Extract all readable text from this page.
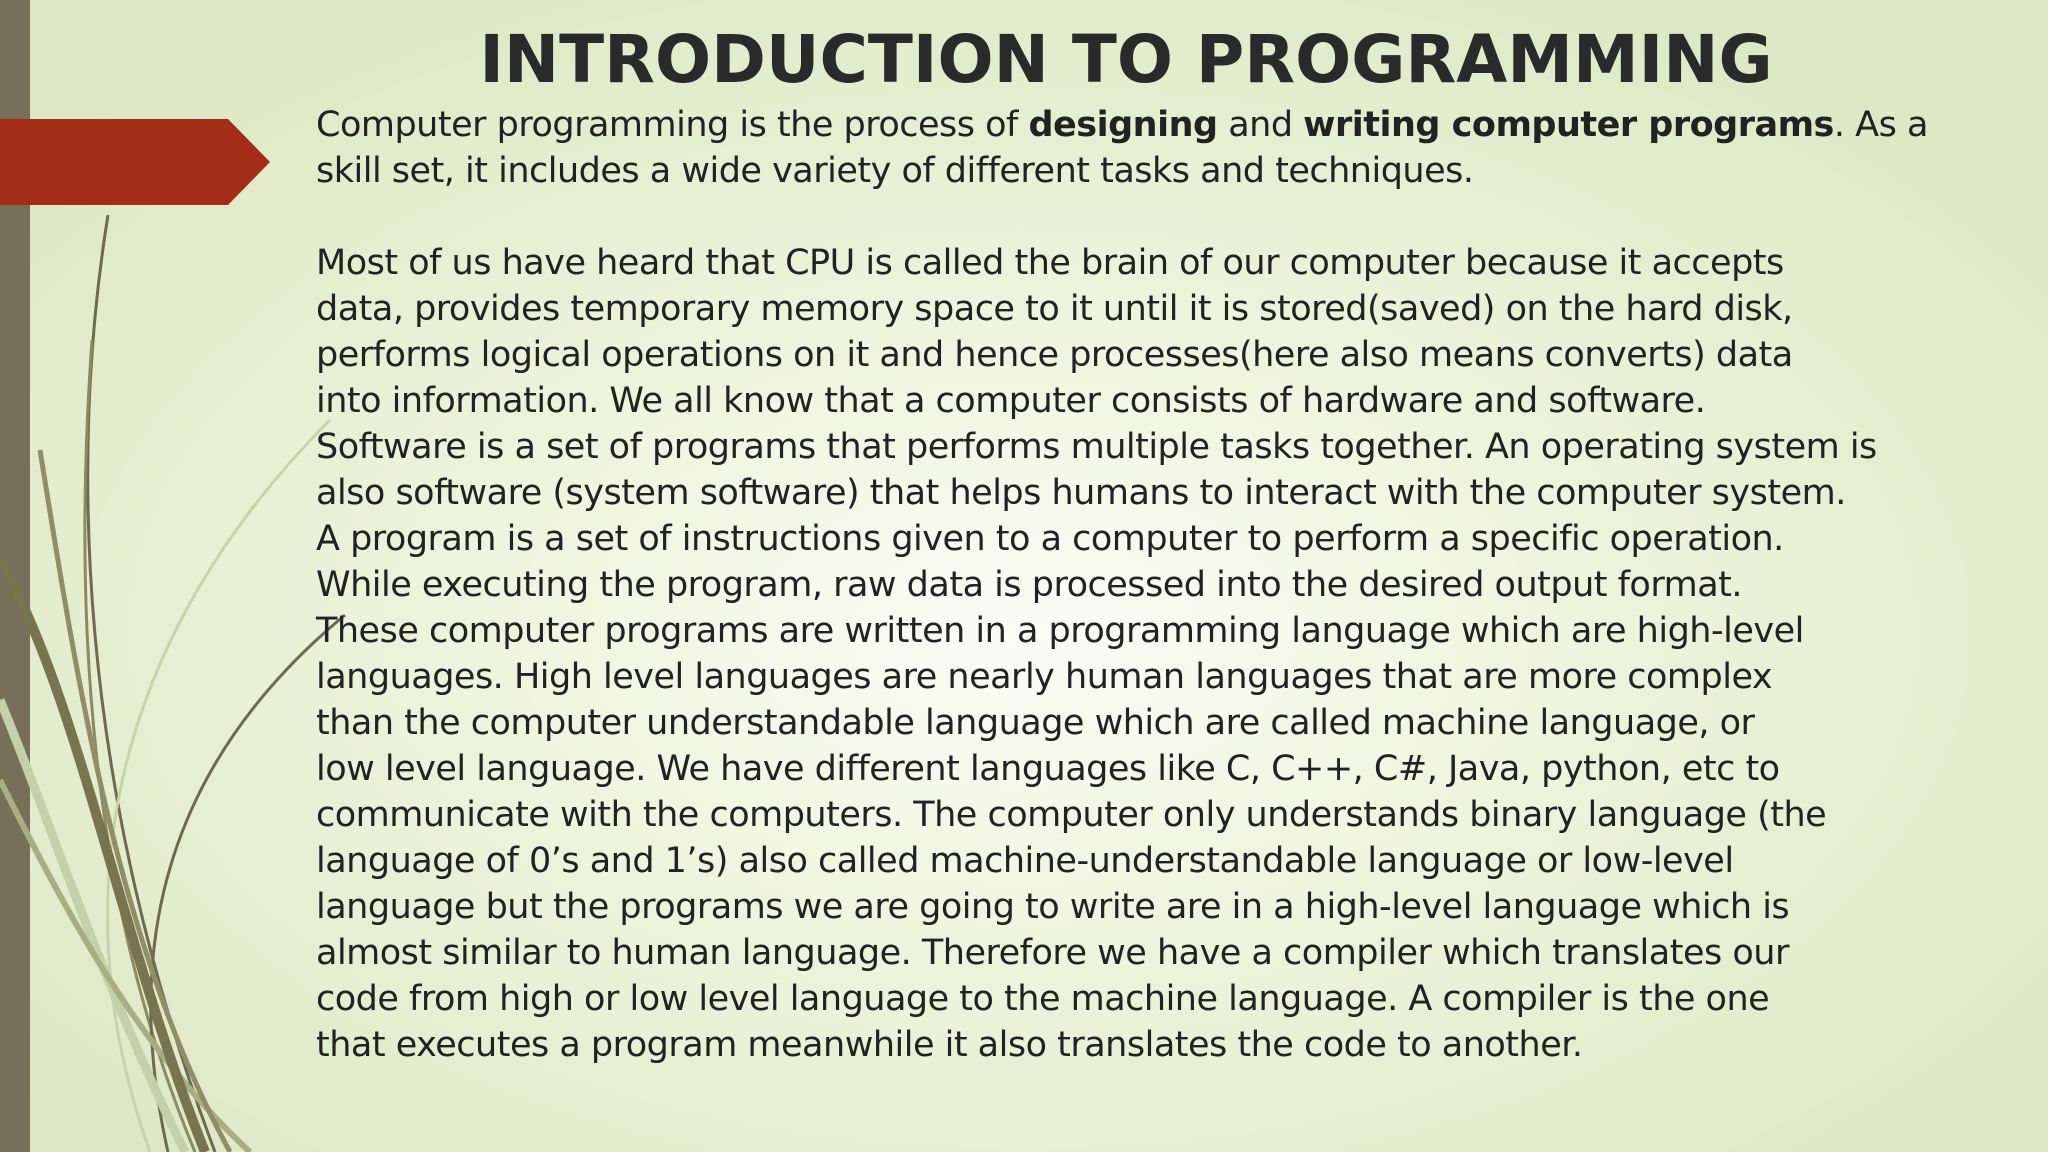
INTRODUCTION TO PROGRAMMING
Computer programming is the process of designing and writing computer programs. As a
skill set, it includes a wide variety of different tasks and techniques.
Most of us have heard that CPU is called the brain of our computer because it accepts
data, provides temporary memory space to it until it is stored(saved) on the hard disk,
performs logical operations on it and hence processes(here also means converts) data
into information. We all know that a computer consists of hardware and software.
Software is a set of programs that performs multiple tasks together. An operating system is
also software (system software) that helps humans to interact with the computer system.
A program is a set of instructions given to a computer to perform a specific operation.
While executing the program, raw data is processed into the desired output format.
These computer programs are written in a programming language which are high-level
languages. High level languages are nearly human languages that are more complex
than the computer understandable language which are called machine language, or
low level language. We have different languages like C, C++, C#, Java, python, etc to
communicate with the computers. The computer only understands binary language (the
language of 0’s and 1’s) also called machine-understandable language or low-level
language but the programs we are going to write are in a high-level language which is
almost similar to human language. Therefore we have a compiler which translates our
code from high or low level language to the machine language. A compiler is the one
that executes a program meanwhile it also translates the code to another.
